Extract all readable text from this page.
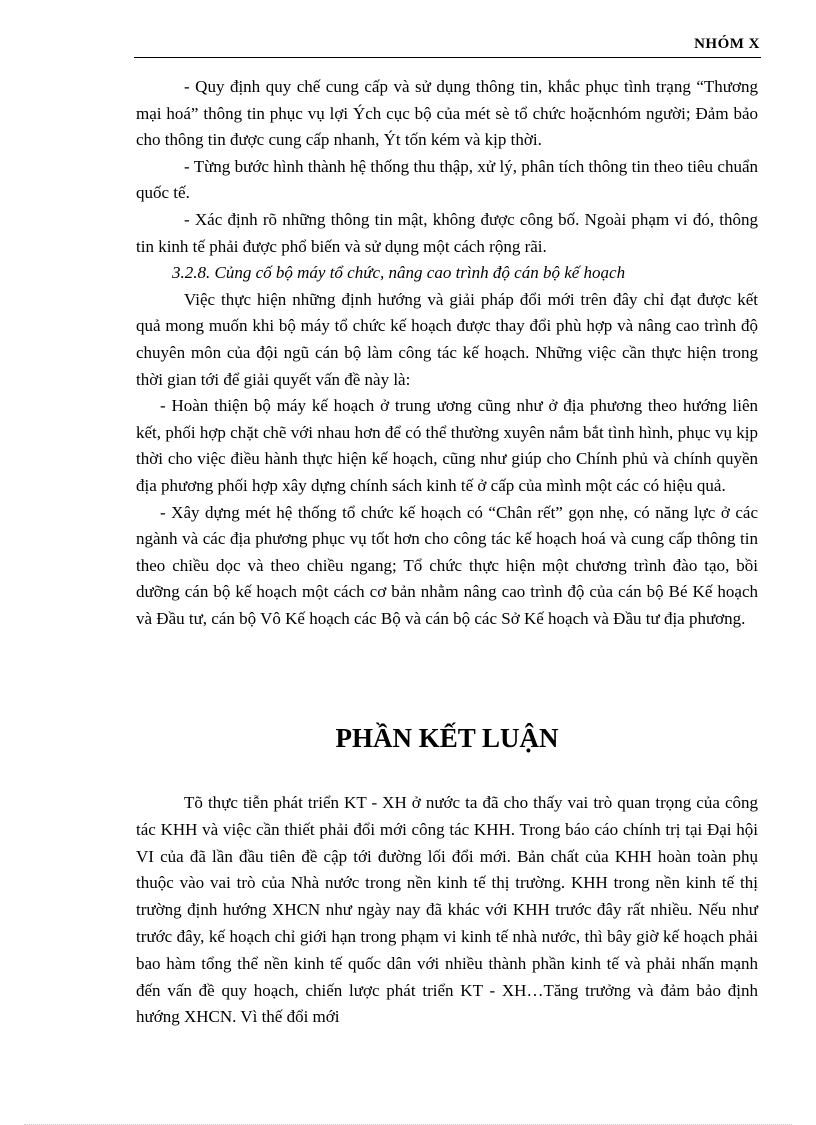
NHÓM X

- Quy định quy chế cung cấp và sử dụng thông tin, khắc phục tình trạng “Thương mại hoá” thông tin phục vụ lợi Ých cục bộ của mét sè tổ chức hoặcnhóm người; Đảm bảo cho thông tin được cung cấp nhanh, Ýt tốn kém và kịp thời.

- Từng bước hình thành hệ thống thu thập, xử lý, phân tích thông tin theo tiêu chuẩn quốc tế.

- Xác định rõ những thông tin mật, không được công bố. Ngoài phạm vi đó, thông tin kinh tế phải được phổ biến và sử dụng một cách rộng rãi.

3.2.8. Củng cố bộ máy tổ chức, nâng cao trình độ cán bộ kế hoạch

Việc thực hiện những định hướng và giải pháp đổi mới trên đây chỉ đạt được kết quả mong muốn khi bộ máy tổ chức kế hoạch được thay đổi phù hợp và nâng cao trình độ chuyên môn của đội ngũ cán bộ làm công tác kế hoạch. Những việc cần thực hiện trong thời gian tới để giải quyết vấn đề này là:

- Hoàn thiện bộ máy kế hoạch ở trung ương cũng như ở địa phương theo hướng liên kết, phối hợp chặt chẽ với nhau hơn để có thể thường xuyên nắm bắt tình hình, phục vụ kịp thời cho việc điều hành thực hiện kế hoạch, cũng như giúp cho Chính phủ và chính quyền địa phương phối hợp xây dựng chính sách kinh tế ở cấp của mình một các có hiệu quả.

- Xây dựng mét hệ thống tổ chức kế hoạch có “Chân rết” gọn nhẹ, có năng lực ở các ngành và các địa phương phục vụ tốt hơn cho công tác kế hoạch hoá và cung cấp thông tin theo chiều dọc và theo chiều ngang; Tổ chức thực hiện một chương trình đào tạo, bồi dưỡng cán bộ kế hoạch một cách cơ bản nhằm nâng cao trình độ của cán bộ Bé Kế hoạch và Đầu tư, cán bộ Vô Kế hoạch các Bộ và cán bộ các Sở Kế hoạch và Đầu tư địa phương.

PHẦN KẾT LUẬN

Tõ thực tiễn phát triển KT - XH ở nước ta đã cho thấy vai trò quan trọng của công tác KHH và việc cần thiết phải đổi mới công tác KHH. Trong báo cáo chính trị tại Đại hội VI của đã lần đầu tiên đề cập tới đường lối đổi mới. Bản chất của KHH hoàn toàn phụ thuộc vào vai trò của Nhà nước trong nền kinh tế thị trường. KHH trong nền kinh tế thị trường định hướng XHCN như ngày nay đã khác với KHH trước đây rất nhiều. Nếu như trước đây, kế hoạch chỉ giới hạn trong phạm vi kinh tế nhà nước, thì bây giờ kế hoạch phải bao hàm tổng thể nền kinh tế quốc dân với nhiều thành phần kinh tế và phải nhấn mạnh đến vấn đề quy hoạch, chiến lược phát triển KT - XH…Tăng trưởng và đảm bảo định hướng XHCN. Vì thế đổi mới
